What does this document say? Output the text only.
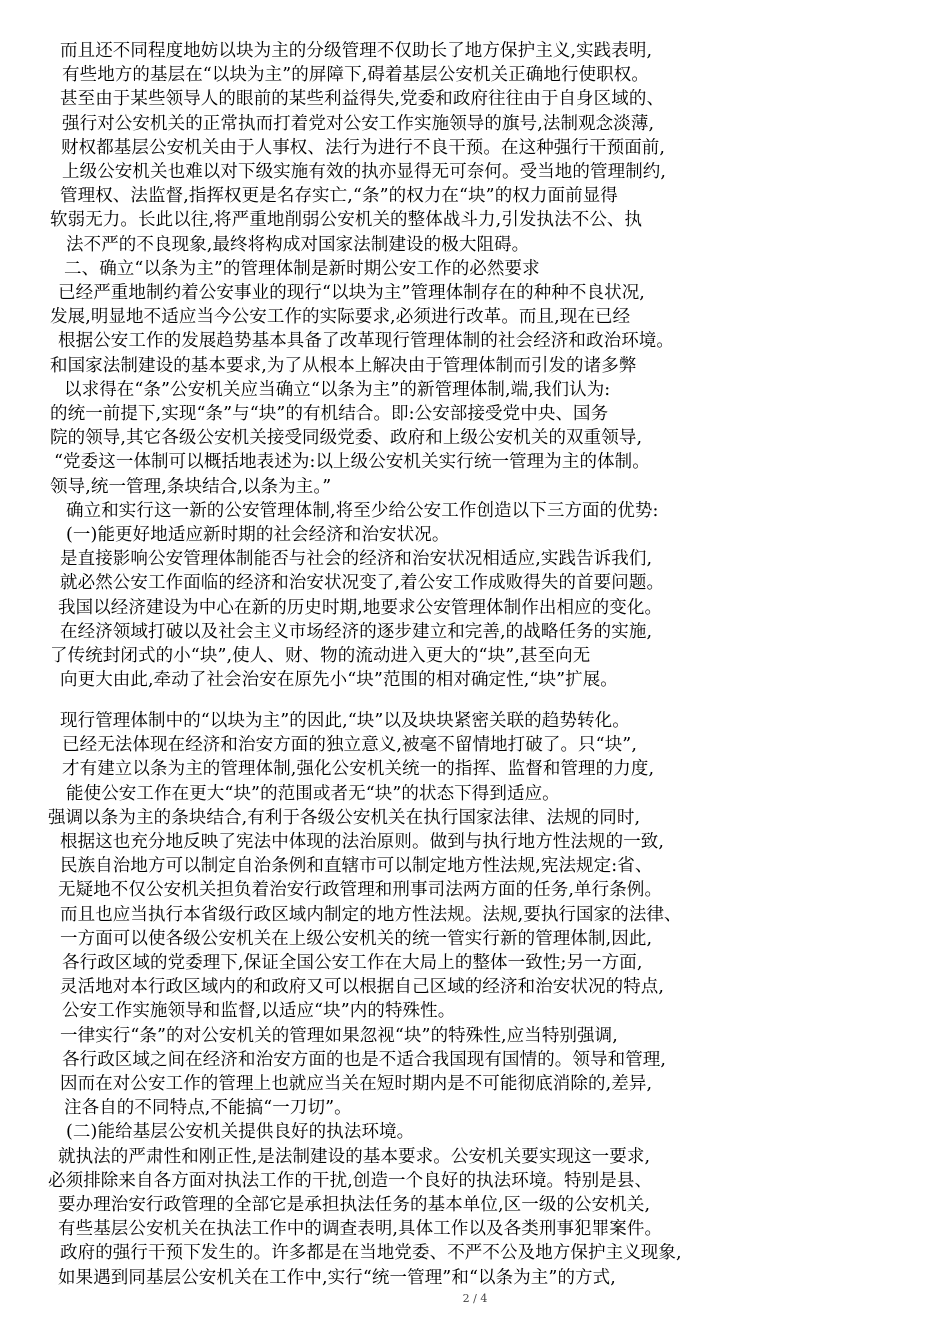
而且还不同程度地妨以块为主的分级管理不仅助长了地方保护主义,实践表明,
有些地方的基层在“以块为主”的屏障下,碍着基层公安机关正确地行使职权。
甚至由于某些领导人的眼前的某些利益得失,党委和政府往往由于自身区域的、
强行对公安机关的正常执而打着党对公安工作实施领导的旗号,法制观念淡薄,
财权都基层公安机关由于人事权、法行为进行不良干预。在这种强行干预面前,
上级公安机关也难以对下级实施有效的执亦显得无可奈何。受当地的管理制约,
管理权、法监督,指挥权更是名存实亡,“条”的权力在“块”的权力面前显得
软弱无力。长此以往,将严重地削弱公安机关的整体战斗力,引发执法不公、执
法不严的不良现象,最终将构成对国家法制建设的极大阻碍。
二、确立“以条为主”的管理体制是新时期公安工作的必然要求
已经严重地制约着公安事业的现行“以块为主”管理体制存在的种种不良状况,
发展,明显地不适应当今公安工作的实际要求,必须进行改革。而且,现在已经
根据公安工作的发展趋势基本具备了改革现行管理体制的社会经济和政治环境。
和国家法制建设的基本要求,为了从根本上解决由于管理体制而引发的诸多弊
以求得在“条”公安机关应当确立“以条为主”的新管理体制,端,我们认为:
的统一前提下,实现“条”与“块”的有机结合。即:公安部接受党中央、国务
院的领导,其它各级公安机关接受同级党委、政府和上级公安机关的双重领导,
“党委这一体制可以概括地表述为:以上级公安机关实行统一管理为主的体制。
领导,统一管理,条块结合,以条为主。”
确立和实行这一新的公安管理体制,将至少给公安工作创造以下三方面的优势:
(一)能更好地适应新时期的社会经济和治安状况。
是直接影响公安管理体制能否与社会的经济和治安状况相适应,实践告诉我们,
就必然公安工作面临的经济和治安状况变了,着公安工作成败得失的首要问题。
我国以经济建设为中心在新的历史时期,地要求公安管理体制作出相应的变化。
在经济领域打破以及社会主义市场经济的逐步建立和完善,的战略任务的实施,
了传统封闭式的小“块”,使人、财、物的流动进入更大的“块”,甚至向无
向更大由此,牵动了社会治安在原先小“块”范围的相对确定性,“块”扩展。
现行管理体制中的“以块为主”的因此,“块”以及块块紧密关联的趋势转化。
已经无法体现在经济和治安方面的独立意义,被毫不留情地打破了。只“块”,
才有建立以条为主的管理体制,强化公安机关统一的指挥、监督和管理的力度,
能使公安工作在更大“块”的范围或者无“块”的状态下得到适应。
强调以条为主的条块结合,有利于各级公安机关在执行国家法律、法规的同时,
根据这也充分地反映了宪法中体现的法治原则。做到与执行地方性法规的一致,
民族自治地方可以制定自治条例和直辖市可以制定地方性法规,宪法规定:省、
无疑地不仅公安机关担负着治安行政管理和刑事司法两方面的任务,单行条例。
而且也应当执行本省级行政区域内制定的地方性法规。法规,要执行国家的法律、
一方面可以使各级公安机关在上级公安机关的统一管实行新的管理体制,因此,
各行政区域的党委理下,保证全国公安工作在大局上的整体一致性;另一方面,
灵活地对本行政区域内的和政府又可以根据自己区域的经济和治安状况的特点,
公安工作实施领导和监督,以适应“块”内的特殊性。
一律实行“条”的对公安机关的管理如果忽视“块”的特殊性,应当特别强调,
各行政区域之间在经济和治安方面的也是不适合我国现有国情的。领导和管理,
因而在对公安工作的管理上也就应当关在短时期内是不可能彻底消除的,差异,
注各自的不同特点,不能搞“一刀切”。
(二)能给基层公安机关提供良好的执法环境。
就执法的严肃性和刚正性,是法制建设的基本要求。公安机关要实现这一要求,
必须排除来自各方面对执法工作的干扰,创造一个良好的执法环境。特别是县、
要办理治安行政管理的全部它是承担执法任务的基本单位,区一级的公安机关,
有些基层公安机关在执法工作中的调查表明,具体工作以及各类刑事犯罪案件。
政府的强行干预下发生的。许多都是在当地党委、不严不公及地方保护主义现象,
如果遇到同基层公安机关在工作中,实行“统一管理”和“以条为主”的方式,
2 / 4
